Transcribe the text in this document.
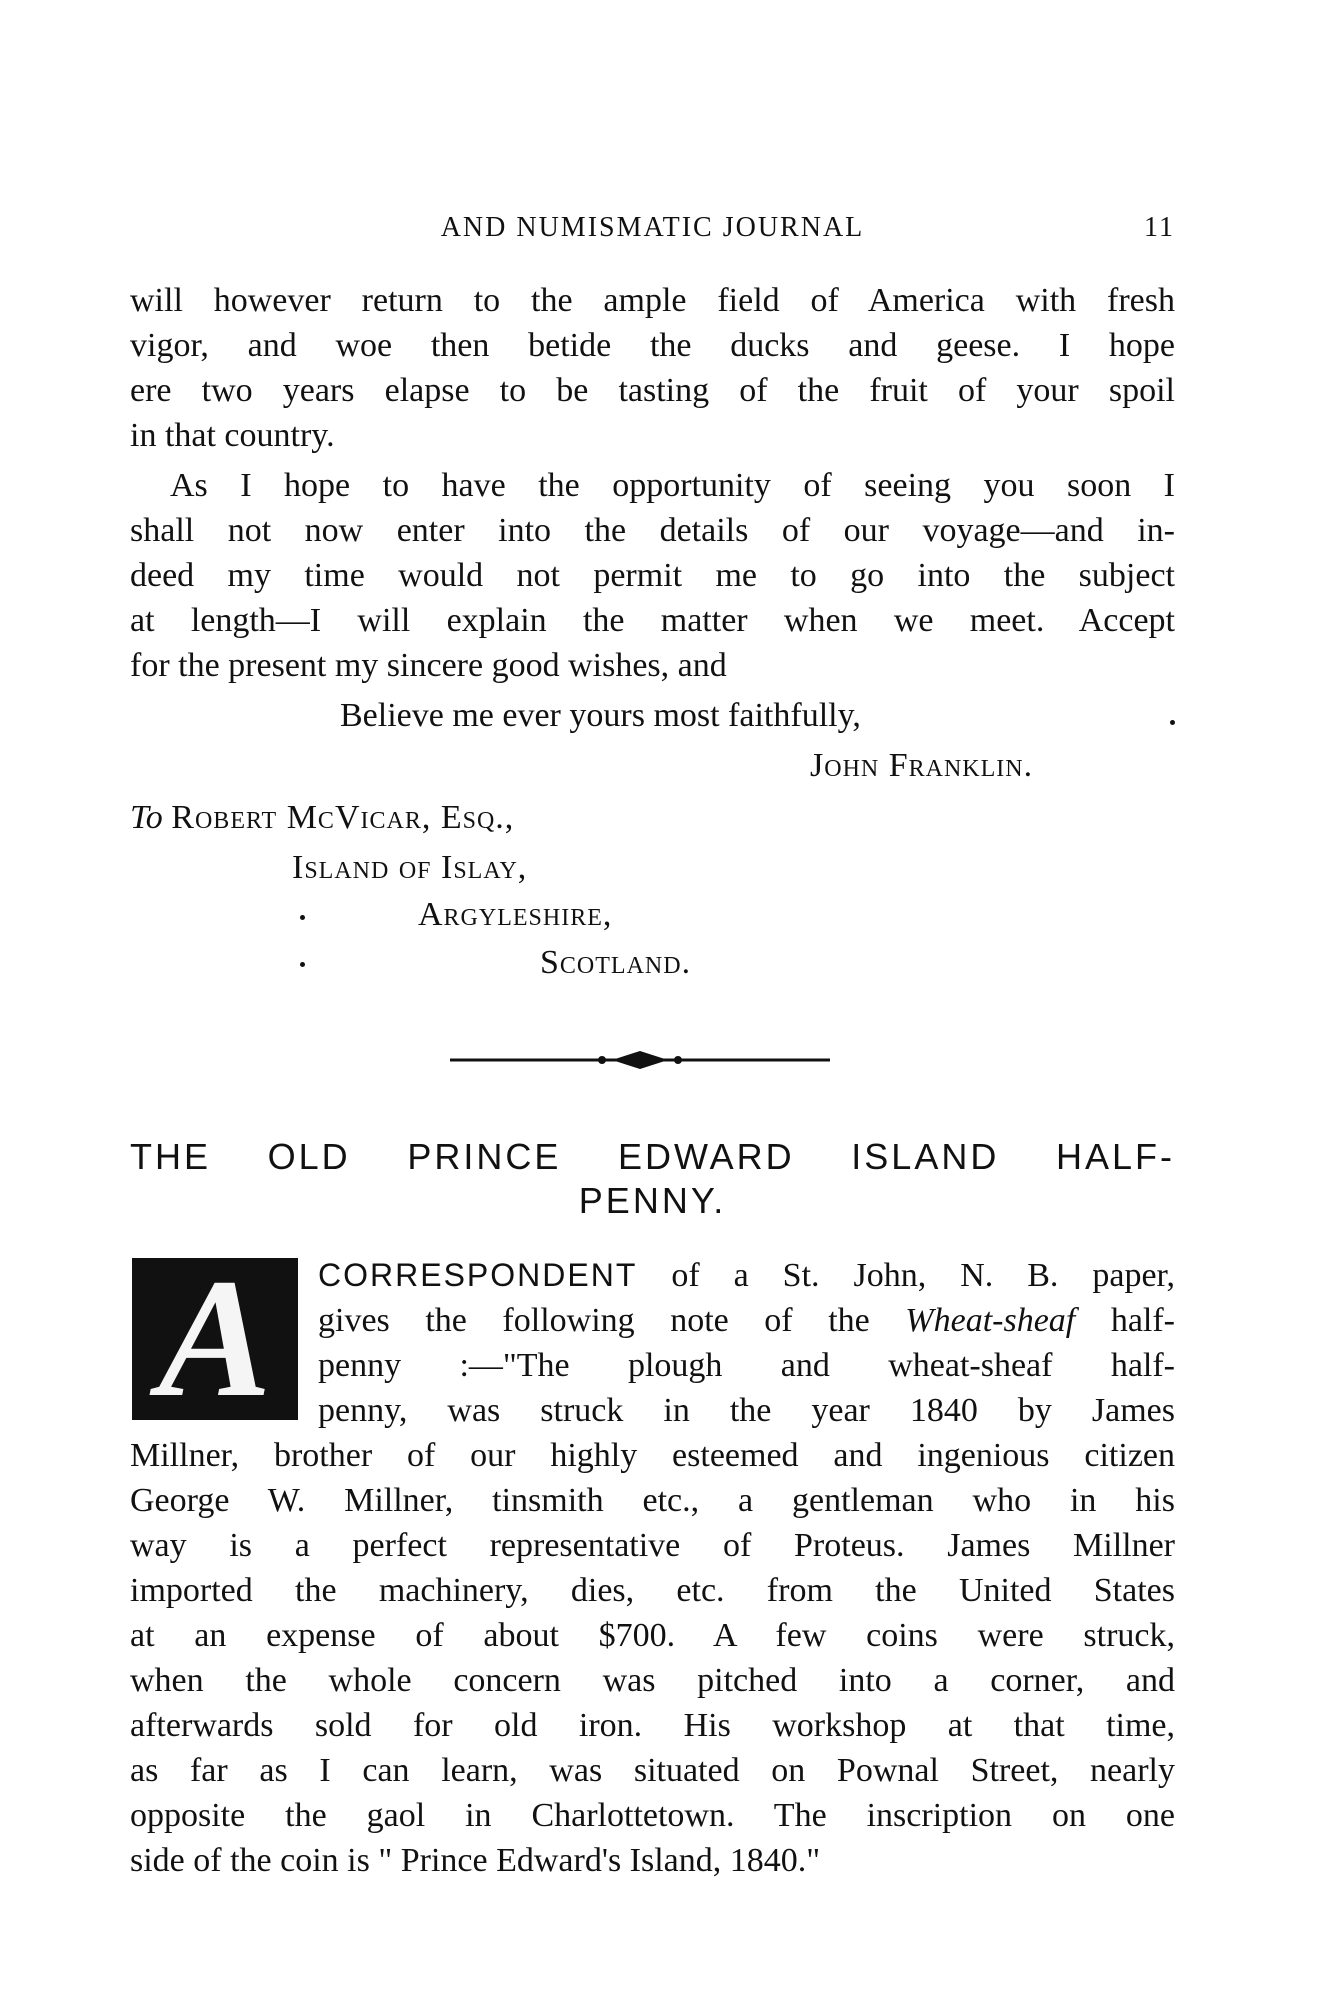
AND NUMISMATIC JOURNAL	11
will however return to the ample field of America with fresh
vigor, and woe then betide the ducks and geese. I hope
ere two years elapse to be tasting of the fruit of your spoil
in that country.
As I hope to have the opportunity of seeing you soon I
shall not now enter into the details of our voyage—and in-
deed my time would not permit me to go into the subject
at length—I will explain the matter when we meet. Accept
for the present my sincere good wishes, and
Believe me ever yours most faithfully,
John Franklin.
To Robert McVicar, Esq.,
Island of Islay,
Argyleshire,
Scotland.
THE OLD PRINCE EDWARD ISLAND HALF-
PENNY.
A	CORRESPONDENT of a St. John, N. B. paper,
gives the following note of the Wheat-sheaf half-
penny :—"The plough and wheat-sheaf half-
penny, was struck in the year 1840 by James
Millner, brother of our highly esteemed and ingenious citizen
George W. Millner, tinsmith etc., a gentleman who in his
way is a perfect representative of Proteus. James Millner
imported the machinery, dies, etc. from the United States
at an expense of about $700. A few coins were struck,
when the whole concern was pitched into a corner, and
afterwards sold for old iron. His workshop at that time,
as far as I can learn, was situated on Pownal Street, nearly
opposite the gaol in Charlottetown. The inscription on one
side of the coin is " Prince Edward's Island, 1840."
